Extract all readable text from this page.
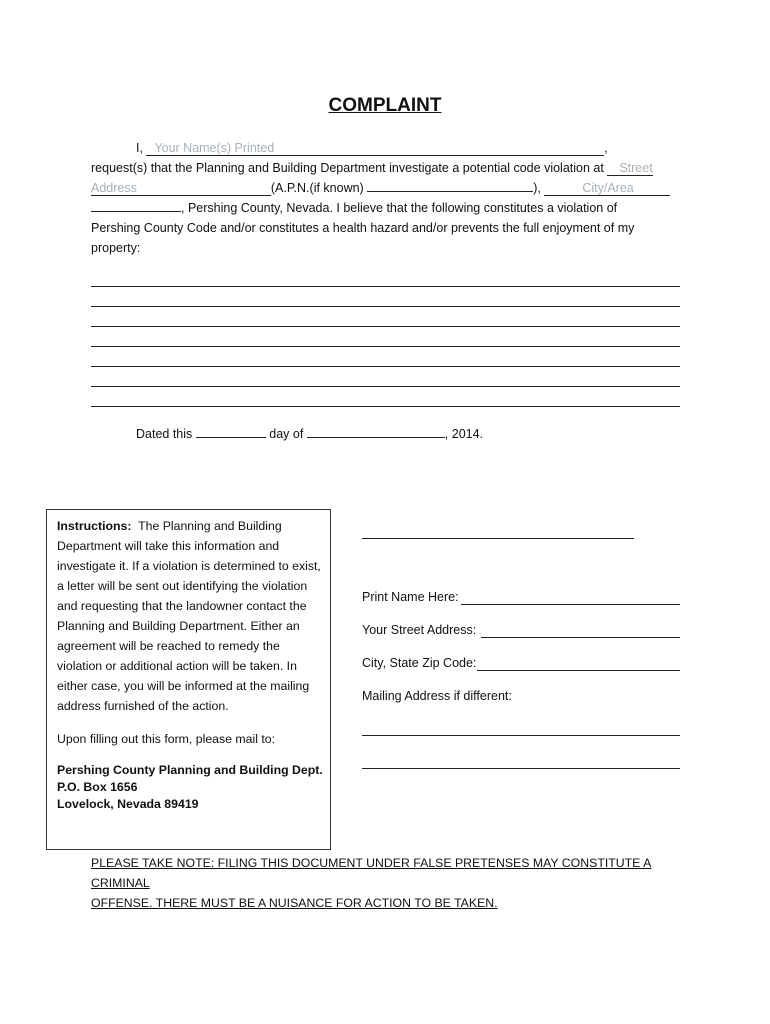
COMPLAINT
I, Your Name(s) Printed	,
request(s) that the Planning and Building Department investigate a potential code violation at Street
Address	(A.P.N.(if known)	),	City/Area
, Pershing County, Nevada. I believe that the following constitutes a violation of
Pershing County Code and/or constitutes a health hazard and/or prevents the full enjoyment of my
property:
Dated this	day of	, 2014.

Instructions: The Planning and Building Department will take this information and investigate it. If a violation is determined to exist, a letter will be sent out identifying the violation and requesting that the landowner contact the Planning and Building Department. Either an agreement will be reached to remedy the violation or additional action will be taken. In either case, you will be informed at the mailing address furnished of the action.

Upon filling out this form, please mail to:

Pershing County Planning and Building Dept.

P.O. Box 1656

Lovelock, Nevada 89419

Print Name Here:
Your Street Address:
City, State Zip Code:
Mailing Address if different:
PLEASE TAKE NOTE: FILING THIS DOCUMENT UNDER FALSE PRETENSES MAY CONSTITUTE A CRIMINAL
OFFENSE. THERE MUST BE A NUISANCE FOR ACTION TO BE TAKEN.
